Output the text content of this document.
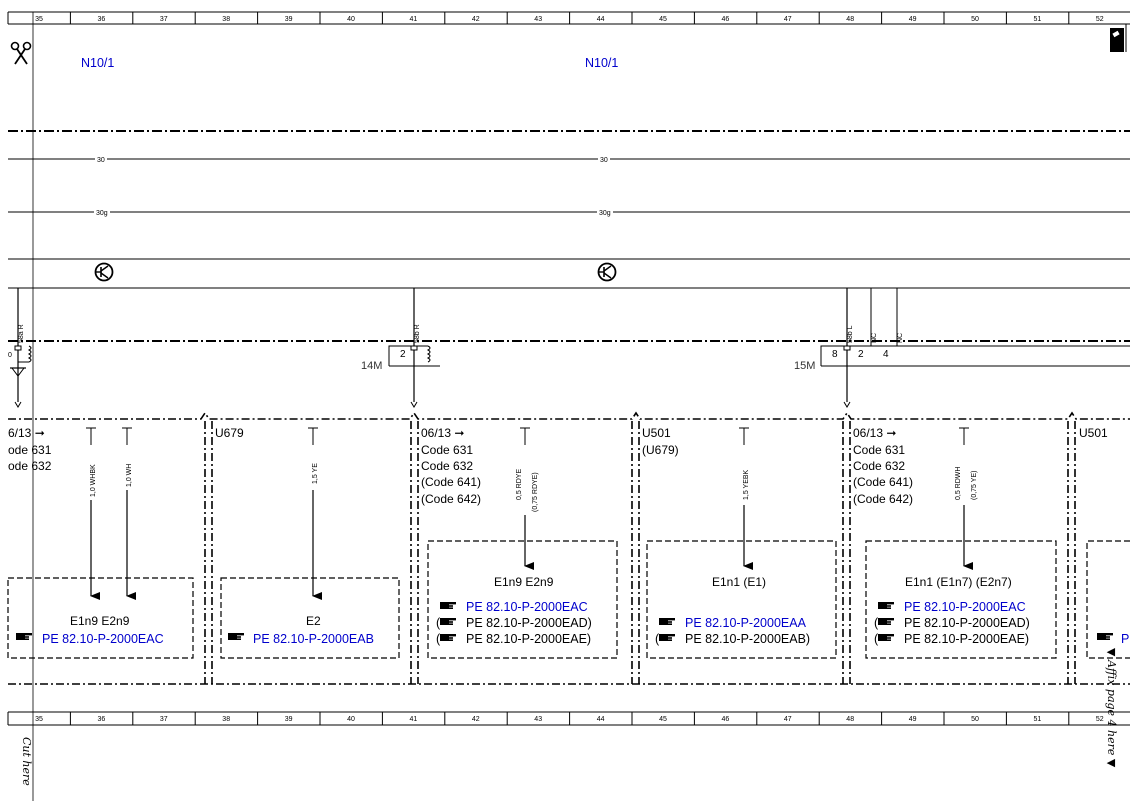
35	36	37	38	39	40	41	42	43	44	45	46	47	48	49	50	51	52
35	36	37	38	39	40	41	42	43	44	45	46	47	48	49	50	51	52
N10/1	N10/1
30	30
30g	30g
58a R
0
58b R
2
14M
58b L NC	NC
8 2 4
15M
6/13 ➞
ode 631
ode 632	1,0 WHBK	1,0 WH
E1n9 E2n9
PE 82.10-P-2000EAC
U679
1,5 YE
E2
PE 82.10-P-2000EAB
06/13 ➞
Code 631
Code 632
(Code 641)
(Code 642)	0,5 RDYE (0,75 RDYE)
E1n9 E2n9
PE 82.10-P-2000EAC
( PE 82.10-P-2000EAD)
( PE 82.10-P-2000EAE)
U501
(U679)
1,5 YEBK
E1n1 (E1)
PE 82.10-P-2000EAA
( PE 82.10-P-2000EAB)
06/13 ➞
Code 631
Code 632
(Code 641)
(Code 642)	0,5 RDWH (0,75 YE)
E1n1 (E1n7) (E2n7)
PE 82.10-P-2000EAC
( PE 82.10-P-2000EAD)
( PE 82.10-P-2000EAE)
U501
P
Cut here	▼ Affix page 4 here ▼
